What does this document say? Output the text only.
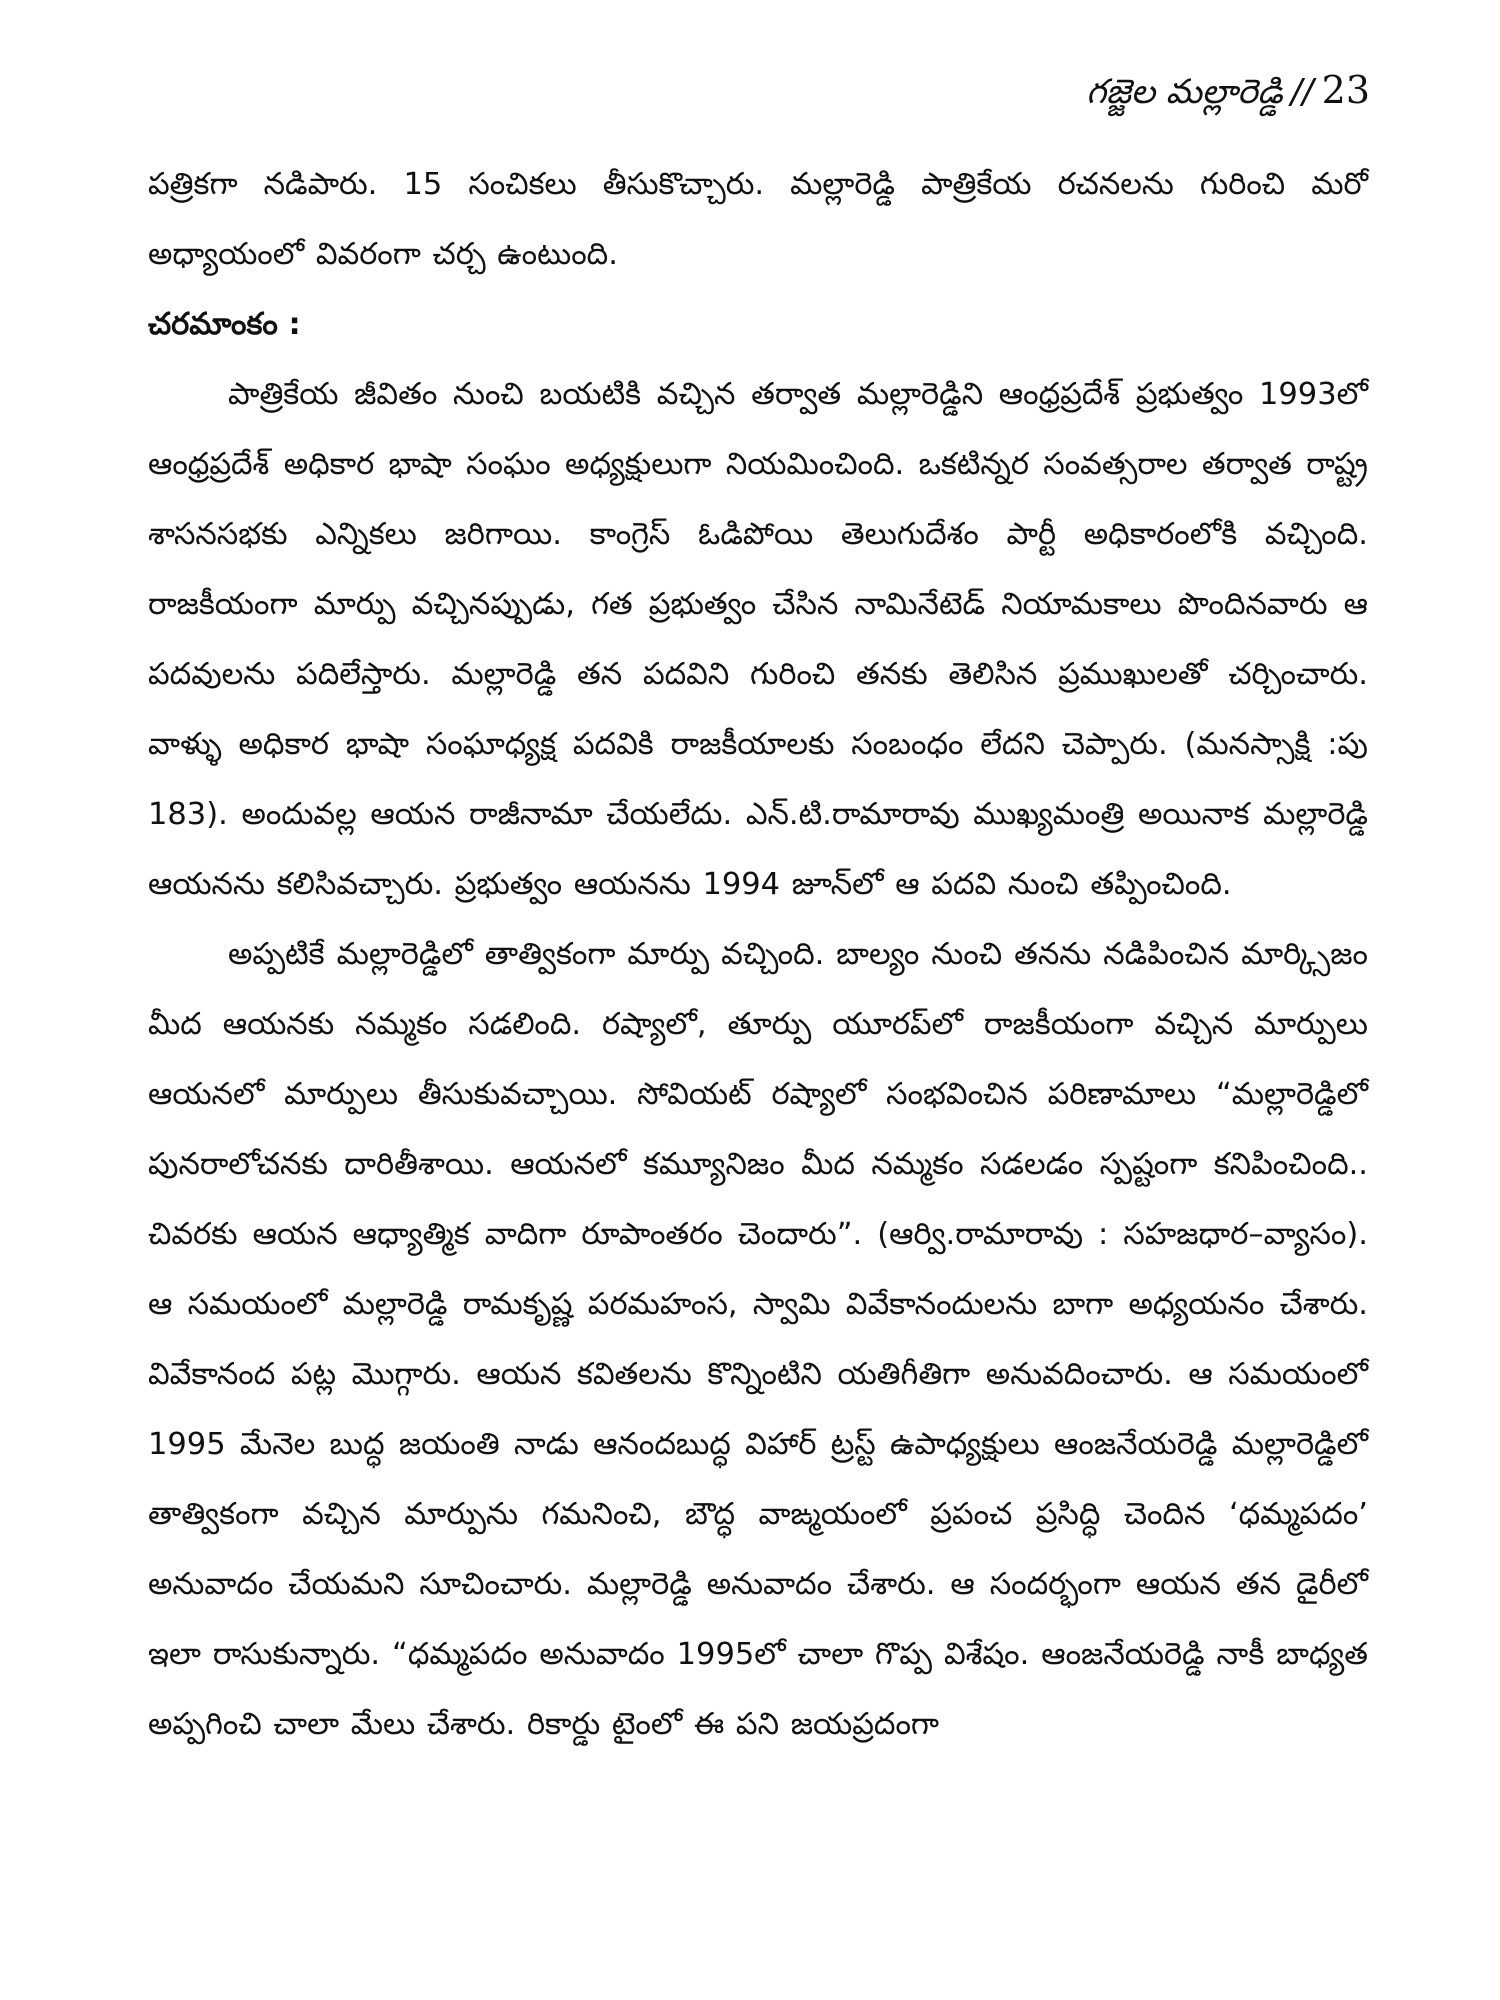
గజ్జెల మల్లారెడ్డి // 23

పత్రికగా నడిపారు. 15 సంచికలు తీసుకొచ్చారు. మల్లారెడ్డి పాత్రికేయ రచనలను గురించి మరో అధ్యాయంలో వివరంగా చర్చ ఉంటుంది.

చరమాంకం :

పాత్రికేయ జీవితం నుంచి బయటికి వచ్చిన తర్వాత మల్లారెడ్డిని ఆంధ్రప్రదేశ్ ప్రభుత్వం 1993లో ఆంధ్రప్రదేశ్ అధికార భాషా సంఘం అధ్యక్షులుగా నియమించింది. ఒకటిన్నర సంవత్సరాల తర్వాత రాష్ట్ర శాసనసభకు ఎన్నికలు జరిగాయి. కాంగ్రెస్ ఓడిపోయి తెలుగుదేశం పార్టీ అధికారంలోకి వచ్చింది. రాజకీయంగా మార్పు వచ్చినప్పుడు, గత ప్రభుత్వం చేసిన నామినేటెడ్ నియామకాలు పొందినవారు ఆ పదవులను పదిలేస్తారు. మల్లారెడ్డి తన పదవిని గురించి తనకు తెలిసిన ప్రముఖులతో చర్చించారు. వాళ్ళు అధికార భాషా సంఘాధ్యక్ష పదవికి రాజకీయాలకు సంబంధం లేదని చెప్పారు. (మనస్సాక్షి :పు 183). అందువల్ల ఆయన రాజీనామా చేయలేదు. ఎన్.టి.రామారావు ముఖ్యమంత్రి అయినాక మల్లారెడ్డి ఆయనను కలిసివచ్చారు. ప్రభుత్వం ఆయనను 1994 జూన్‌లో ఆ పదవి నుంచి తప్పించింది.

అప్పటికే మల్లారెడ్డిలో తాత్వికంగా మార్పు వచ్చింది. బాల్యం నుంచి తనను నడిపించిన మార్క్సిజం మీద ఆయనకు నమ్మకం సడలింది. రష్యాలో, తూర్పు యూరప్‌లో రాజకీయంగా వచ్చిన మార్పులు ఆయనలో మార్పులు తీసుకువచ్చాయి. సోవియట్ రష్యాలో సంభవించిన పరిణామాలు “మల్లారెడ్డిలో పునరాలోచనకు దారితీశాయి. ఆయనలో కమ్యూనిజం మీద నమ్మకం సడలడం స్పష్టంగా కనిపించింది.. చివరకు ఆయన ఆధ్యాత్మిక వాదిగా రూపాంతరం చెందారు”. (ఆర్వి.రామారావు : సహజధార–వ్యాసం). ఆ సమయంలో మల్లారెడ్డి రామకృష్ణ పరమహంస, స్వామి వివేకానందులను బాగా అధ్యయనం చేశారు. వివేకానంద పట్ల మొగ్గారు. ఆయన కవితలను కొన్నింటిని యతిగీతిగా అనువదించారు. ఆ సమయంలో 1995 మేనెల బుద్ధ జయంతి నాడు ఆనందబుద్ధ విహార్ ట్రస్ట్ ఉపాధ్యక్షులు ఆంజనేయరెడ్డి మల్లారెడ్డిలో తాత్వికంగా వచ్చిన మార్పును గమనించి, బౌద్ధ వాఙ్మయంలో ప్రపంచ ప్రసిద్ధి చెందిన ‘ధమ్మపదం’ అనువాదం చేయమని సూచించారు. మల్లారెడ్డి అనువాదం చేశారు. ఆ సందర్భంగా ఆయన తన డైరీలో ఇలా రాసుకున్నారు. “ధమ్మపదం అనువాదం 1995లో చాలా గొప్ప విశేషం. ఆంజనేయరెడ్డి నాకీ బాధ్యత అప్పగించి చాలా మేలు చేశారు. రికార్డు టైంలో ఈ పని జయప్రదంగా
